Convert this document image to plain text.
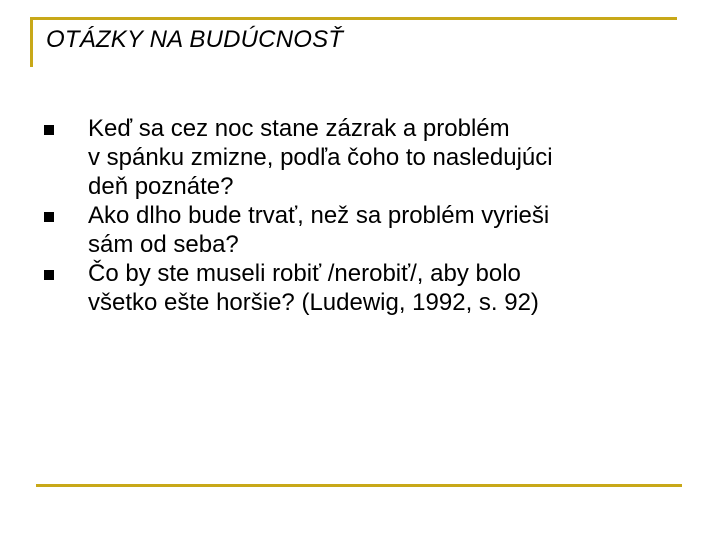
OTÁZKY NA BUDÚCNOSŤ
Keď sa cez noc stane zázrak a problém
v spánku zmizne, podľa čoho to nasledujúci
deň poznáte?
Ako dlho bude trvať, než sa problém vyrieši
sám od seba?
Čo by ste museli robiť /nerobiť/, aby bolo
všetko ešte horšie? (Ludewig, 1992, s. 92)
